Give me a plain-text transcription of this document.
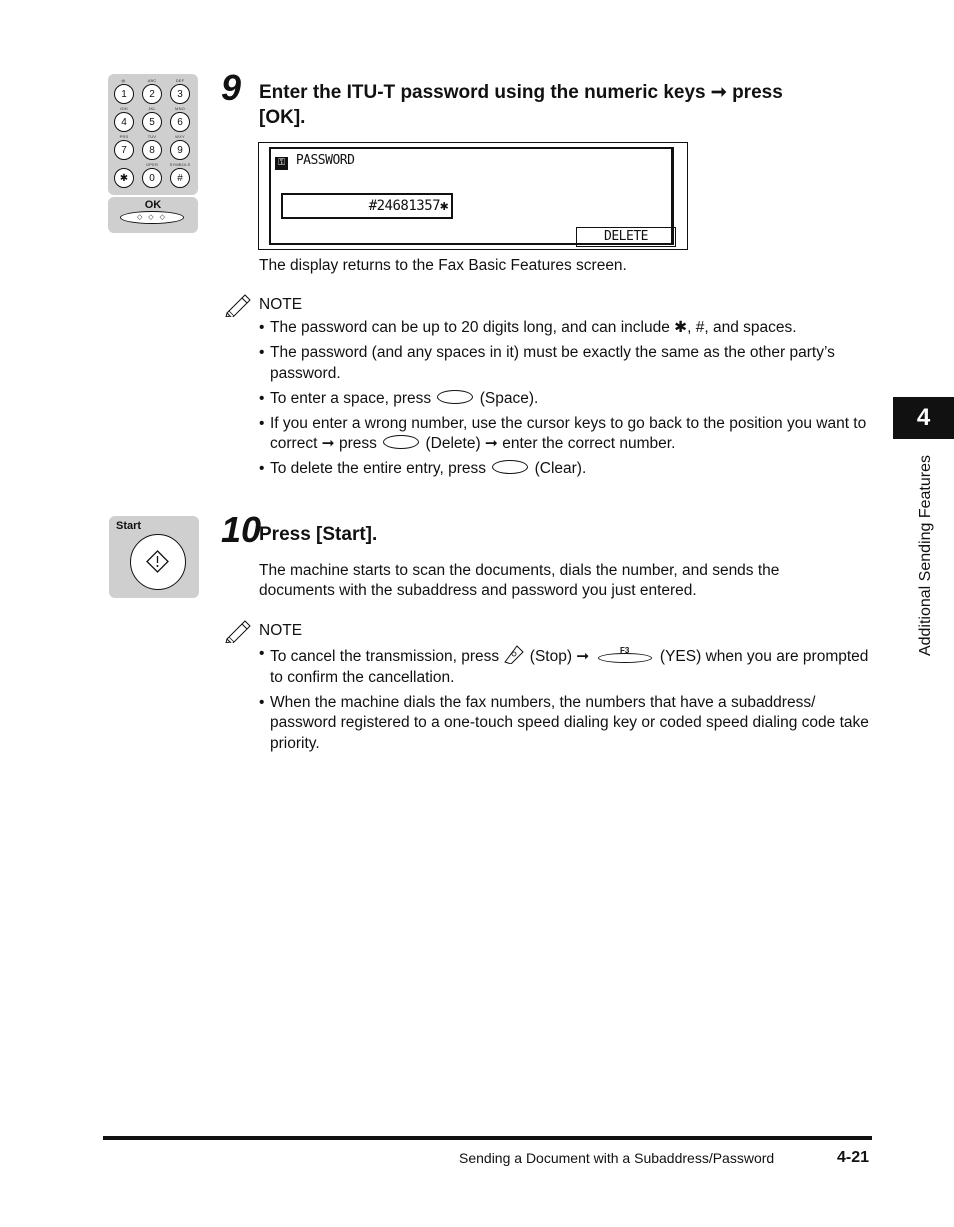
@.
1
ABC
2
DEF
3
GHI
4
JKL
5
MNO
6
PRS
7
TUV
8
WXY
9
✱
OPER
0
SYMBOLS
#
OK
◇ ◇ ◇
9 Enter the ITU-T password using the numeric keys ➞ press
[OK].
⚿ PASSWORD
#24681357✱
DELETE
The display returns to the Fax Basic Features screen.
NOTE
• The password can be up to 20 digits long, and can include ✱, #, and spaces.
• The password (and any spaces in it) must be exactly the same as the other party’s password.
• To enter a space, press	(Space).
• If you enter a wrong number, use the cursor keys to go back to the position you want to correct ➞ press	(Delete) ➞ enter the correct number.
• To delete the entire entry, press	(Clear).
Start 10
Press [Start].
The machine starts to scan the documents, dials the number, and sends the documents with the subaddress and password you just entered.
NOTE
• To cancel the transmission, press (Stop) ➞	F3	(YES) when you are prompted to confirm the cancellation.
• When the machine dials the fax numbers, the numbers that have a subaddress/ password registered to a one-touch speed dialing key or coded speed dialing code take priority.
4
Additional Sending Features
Sending a Document with a Subaddress/Password	4-21
